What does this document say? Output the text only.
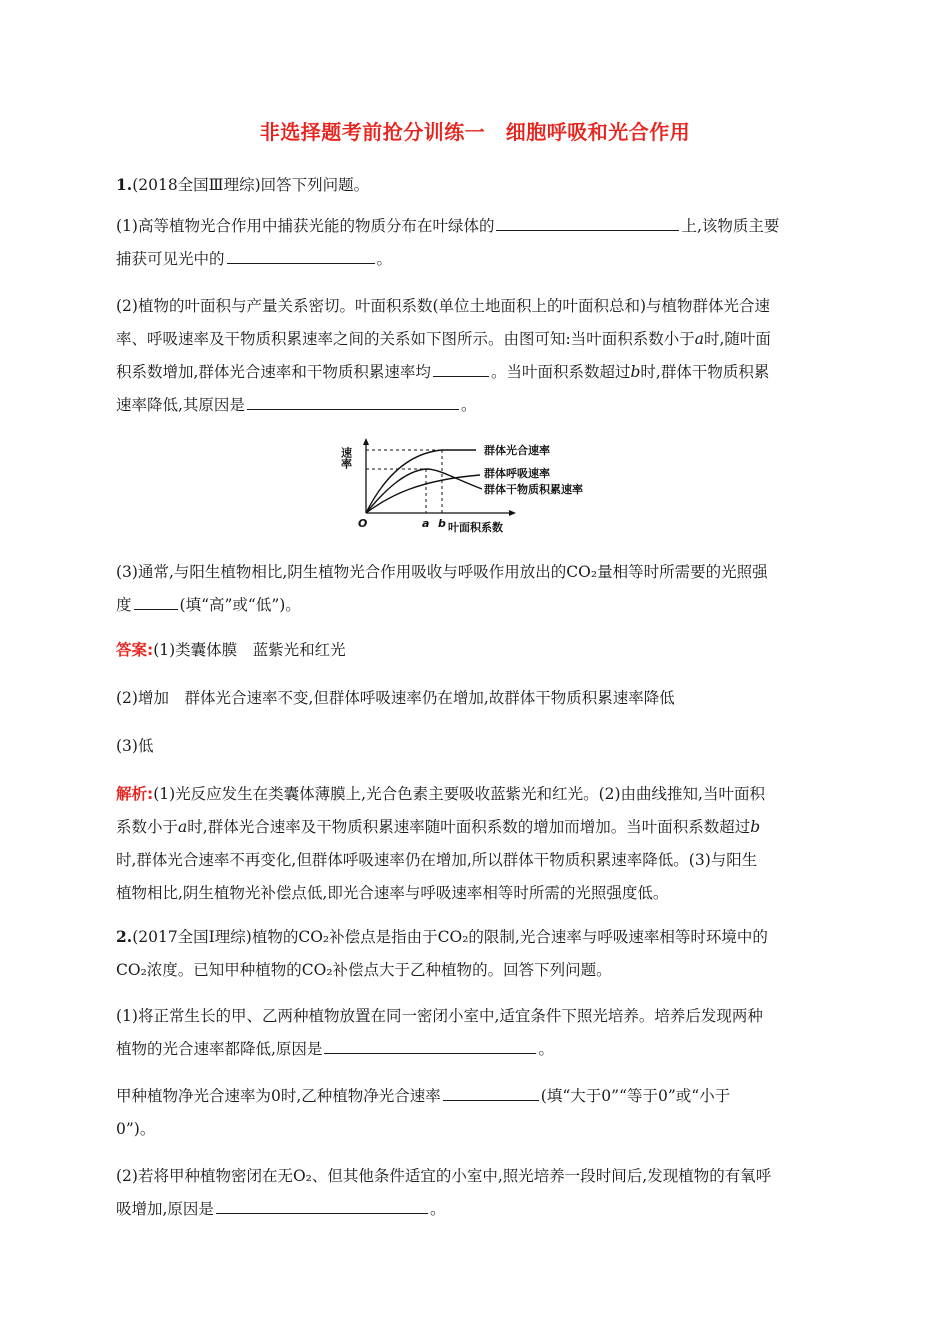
非选择题考前抢分训练一　细胞呼吸和光合作用
1.(2018全国Ⅲ理综)回答下列问题。
(1)高等植物光合作用中捕获光能的物质分布在叶绿体的	上,该物质主要
捕获可见光中的	。
(2)植物的叶面积与产量关系密切。叶面积系数(单位土地面积上的叶面积总和)与植物群体光合速
率、呼吸速率及干物质积累速率之间的关系如下图所示。由图可知:当叶面积系数小于a时,随叶面
积系数增加,群体光合速率和干物质积累速率均	。当叶面积系数超过b时,群体干物质积累
速率降低,其原因是	。
速率
O	a b 叶面积系数
群体光合速率
群体呼吸速率
群体干物质积累速率
(3)通常,与阳生植物相比,阴生植物光合作用吸收与呼吸作用放出的CO₂量相等时所需要的光照强
度	(填“高”或“低”)。
答案:(1)类囊体膜　蓝紫光和红光
(2)增加　群体光合速率不变,但群体呼吸速率仍在增加,故群体干物质积累速率降低
(3)低
解析:(1)光反应发生在类囊体薄膜上,光合色素主要吸收蓝紫光和红光。(2)由曲线推知,当叶面积
系数小于a时,群体光合速率及干物质积累速率随叶面积系数的增加而增加。当叶面积系数超过b
时,群体光合速率不再变化,但群体呼吸速率仍在增加,所以群体干物质积累速率降低。(3)与阳生
植物相比,阴生植物光补偿点低,即光合速率与呼吸速率相等时所需的光照强度低。
2.(2017全国Ⅰ理综)植物的CO₂补偿点是指由于CO₂的限制,光合速率与呼吸速率相等时环境中的
CO₂浓度。已知甲种植物的CO₂补偿点大于乙种植物的。回答下列问题。
(1)将正常生长的甲、乙两种植物放置在同一密闭小室中,适宜条件下照光培养。培养后发现两种
植物的光合速率都降低,原因是	。
甲种植物净光合速率为0时,乙种植物净光合速率	(填“大于0”“等于0”或“小于
0”)。
(2)若将甲种植物密闭在无O₂、但其他条件适宜的小室中,照光培养一段时间后,发现植物的有氧呼
吸增加,原因是	。
